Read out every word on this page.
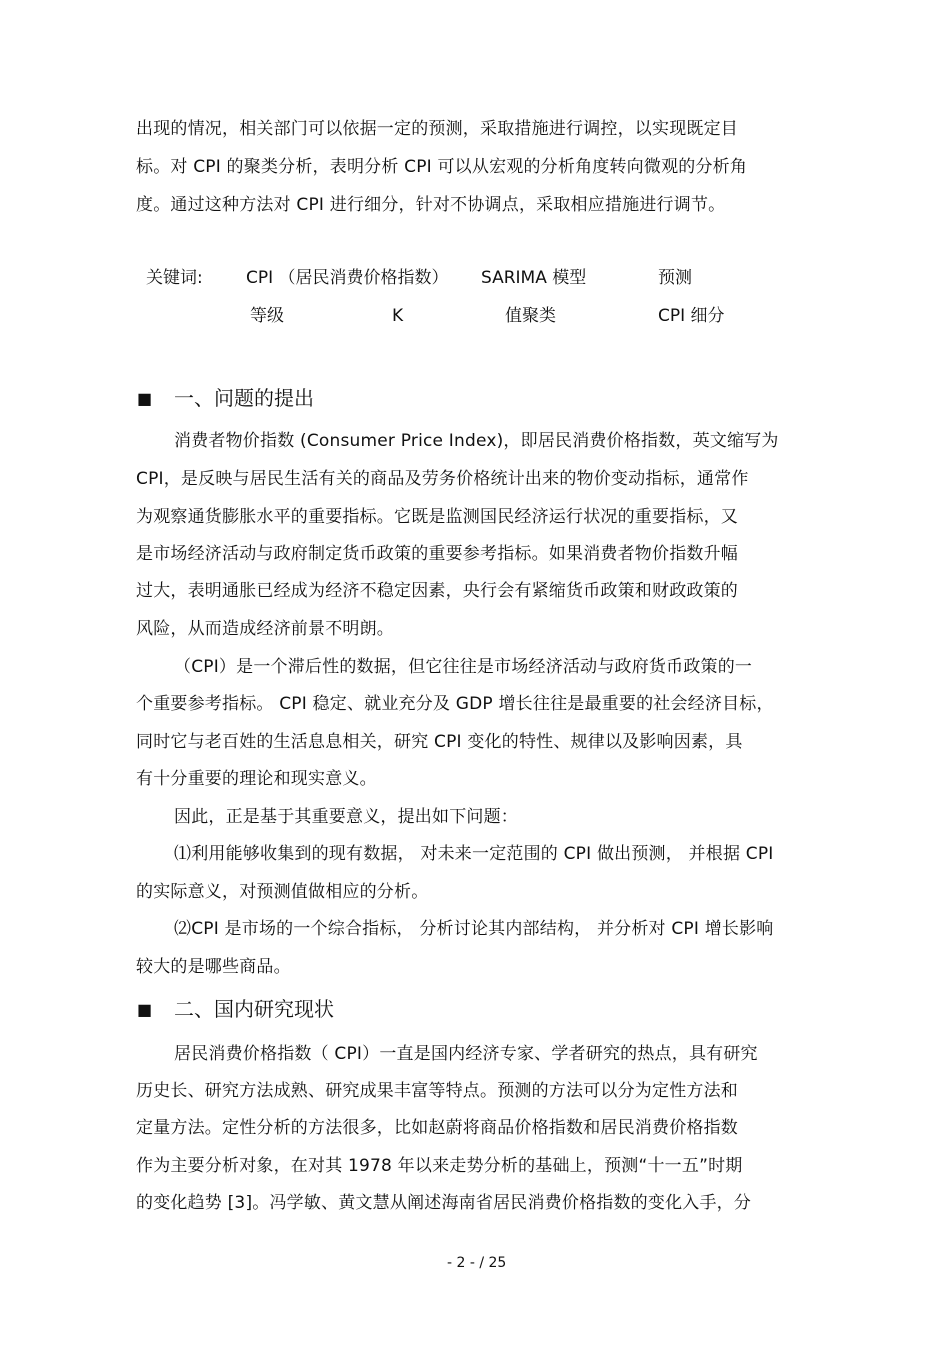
出现的情况，相关部门可以依据一定的预测，采取措施进行调控，以实现既定目
标。对 CPI 的聚类分析，表明分析 CPI 可以从宏观的分析角度转向微观的分析角
度。通过这种方法对 CPI 进行细分，针对不协调点，采取相应措施进行调节。
关键词:	CPI （居民消费价格指数） SARIMA 模型	预测
等级	K	值聚类	CPI 细分
■ 一、问题的提出
消费者物价指数 (Consumer Price Index)，即居民消费价格指数，英文缩写为
CPI，是反映与居民生活有关的商品及劳务价格统计出来的物价变动指标，通常作
为观察通货膨胀水平的重要指标。它既是监测国民经济运行状况的重要指标，又
是市场经济活动与政府制定货币政策的重要参考指标。如果消费者物价指数升幅
过大，表明通胀已经成为经济不稳定因素，央行会有紧缩货币政策和财政政策的
风险，从而造成经济前景不明朗。
（CPI）是一个滞后性的数据，但它往往是市场经济活动与政府货币政策的一
个重要参考指标。 CPI 稳定、就业充分及 GDP 增长往往是最重要的社会经济目标，
同时它与老百姓的生活息息相关，研究 CPI 变化的特性、规律以及影响因素，具
有十分重要的理论和现实意义。
因此，正是基于其重要意义，提出如下问题：
⑴利用能够收集到的现有数据， 对未来一定范围的 CPI 做出预测， 并根据 CPI
的实际意义，对预测值做相应的分析。
⑵CPI 是市场的一个综合指标， 分析讨论其内部结构， 并分析对 CPI 增长影响
较大的是哪些商品。
■ 二、国内研究现状
居民消费价格指数（ CPI）一直是国内经济专家、学者研究的热点，具有研究
历史长、研究方法成熟、研究成果丰富等特点。预测的方法可以分为定性方法和
定量方法。定性分析的方法很多，比如赵蔚将商品价格指数和居民消费价格指数
作为主要分析对象，在对其 1978 年以来走势分析的基础上，预测“十一五”时期
的变化趋势 [3]。冯学敏、黄文慧从阐述海南省居民消费价格指数的变化入手，分
- 2 - / 25
